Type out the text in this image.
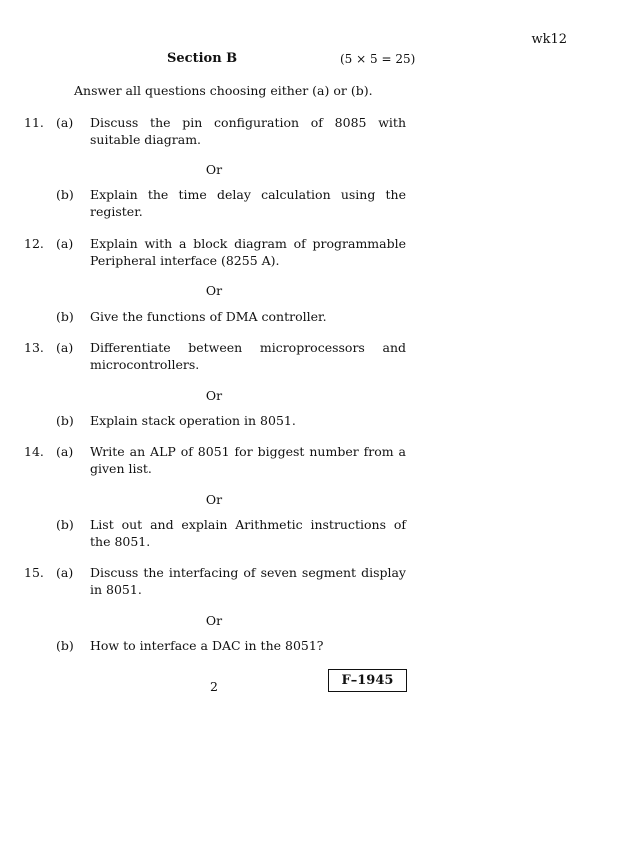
wk12
Section B	(5 × 5 = 25)
Answer all questions choosing either (a) or (b).
11. (a) Discuss the pin configuration of 8085 with suitable diagram.
Or
(b) Explain the time delay calculation using the register.
12. (a) Explain with a block diagram of programmable Peripheral interface (8255 A).
Or
(b) Give the functions of DMA controller.
13. (a) Differentiate between microprocessors and microcontrollers.
Or
(b) Explain stack operation in 8051.
14. (a) Write an ALP of 8051 for biggest number from a given list.
Or
(b) List out and explain Arithmetic instructions of the 8051.
15. (a) Discuss the interfacing of seven segment display in 8051.
Or
(b) How to interface a DAC in the 8051?
2	F–1945
